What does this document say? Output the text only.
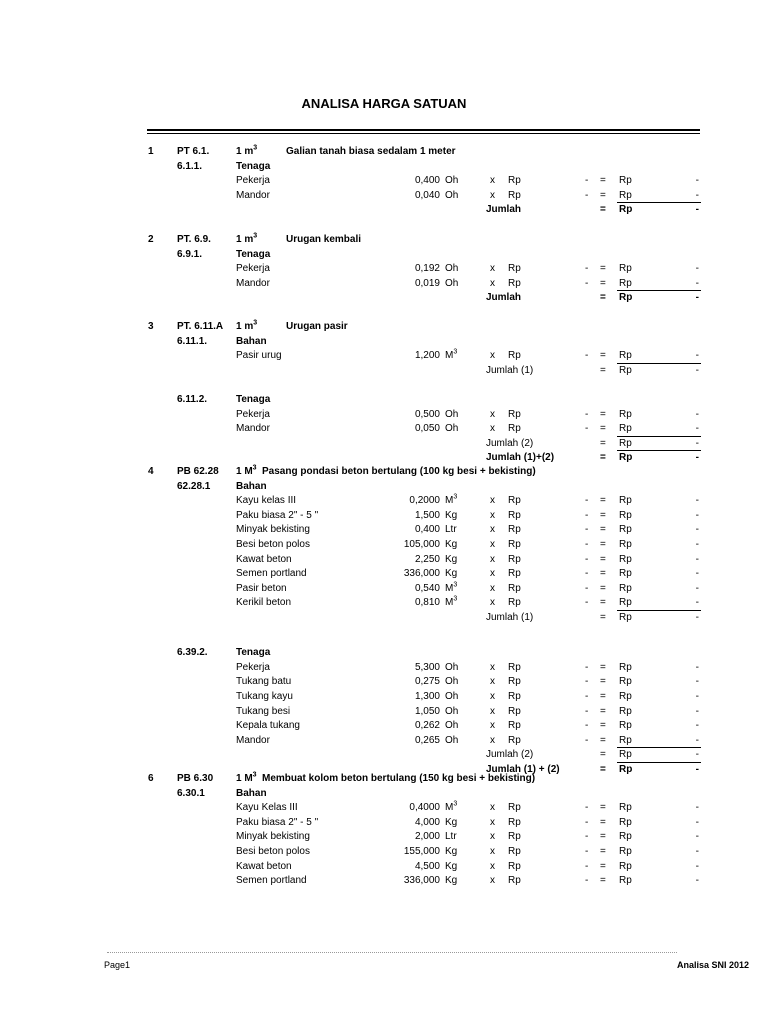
ANALISA HARGA SATUAN
1 PT 6.1.	1 $m^3$	Galian tanah biasa sedalam 1 meter
6.1.1.	Tenaga
Pekerja	0,400 Oh	x Rp	- = Rp	-
Mandor	0,040 Oh	x Rp	- = Rp	-
Jumlah	= Rp	-
2 PT. 6.9.	1 $m^3$	Urugan kembali
6.9.1.	Tenaga
Pekerja	0,192 Oh	x Rp	- = Rp	-
Mandor	0,019 Oh	x Rp	- = Rp	-
Jumlah	= Rp	-
3 PT. 6.11.A 1 $m^3$	Urugan pasir
6.11.1.	Bahan
Pasir urug	1,200 $M^3$	x Rp	- = Rp	-
Jumlah (1)	= Rp	-
6.11.2.	Tenaga
Pekerja	0,500 Oh	x Rp	- = Rp	-
Mandor	0,050 Oh	x Rp	- = Rp	-
Jumlah (2)	= Rp	-
Jumlah (1)+(2)	= Rp	-
4 PB 62.28 1 $M^3$ Pasang pondasi beton bertulang (100 kg besi + bekisting)
62.28.1	Bahan
Kayu kelas III	0,2000 $M^3$	x Rp	- = Rp	-
Paku biasa 2" - 5 "	1,500 Kg	x Rp	- = Rp	-
Minyak bekisting	0,400 Ltr	x Rp	- = Rp	-
Besi beton polos	105,000 Kg	x Rp	- = Rp	-
Kawat beton	2,250 Kg	x Rp	- = Rp	-
Semen portland	336,000 Kg	x Rp	- = Rp	-
Pasir beton	0,540 $M^3$	x Rp	- = Rp	-
Kerikil beton	0,810 $M^3$	x Rp	- = Rp	-
Jumlah (1)	= Rp	-
6.39.2.	Tenaga
Pekerja	5,300 Oh	x Rp	- = Rp	-
Tukang batu	0,275 Oh	x Rp	- = Rp	-
Tukang kayu	1,300 Oh	x Rp	- = Rp	-
Tukang besi	1,050 Oh	x Rp	- = Rp	-
Kepala tukang	0,262 Oh	x Rp	- = Rp	-
Mandor	0,265 Oh	x Rp	- = Rp	-
Jumlah (2)	= Rp	-
Jumlah (1) + (2)	= Rp	-
6 PB 6.30 1 $M^3$ Membuat kolom beton bertulang (150 kg besi + bekisting)
6.30.1	Bahan
Kayu Kelas III	0,4000 $M^3$	x Rp	- = Rp	-
Paku biasa 2" - 5 "	4,000 Kg	x Rp	- = Rp	-
Minyak bekisting	2,000 Ltr	x Rp	- = Rp	-
Besi beton polos	155,000 Kg	x Rp	- = Rp	-
Kawat beton	4,500 Kg	x Rp	- = Rp	-
Semen portland	336,000 Kg	x Rp	- = Rp	-
Page1	Analisa SNI 2012
